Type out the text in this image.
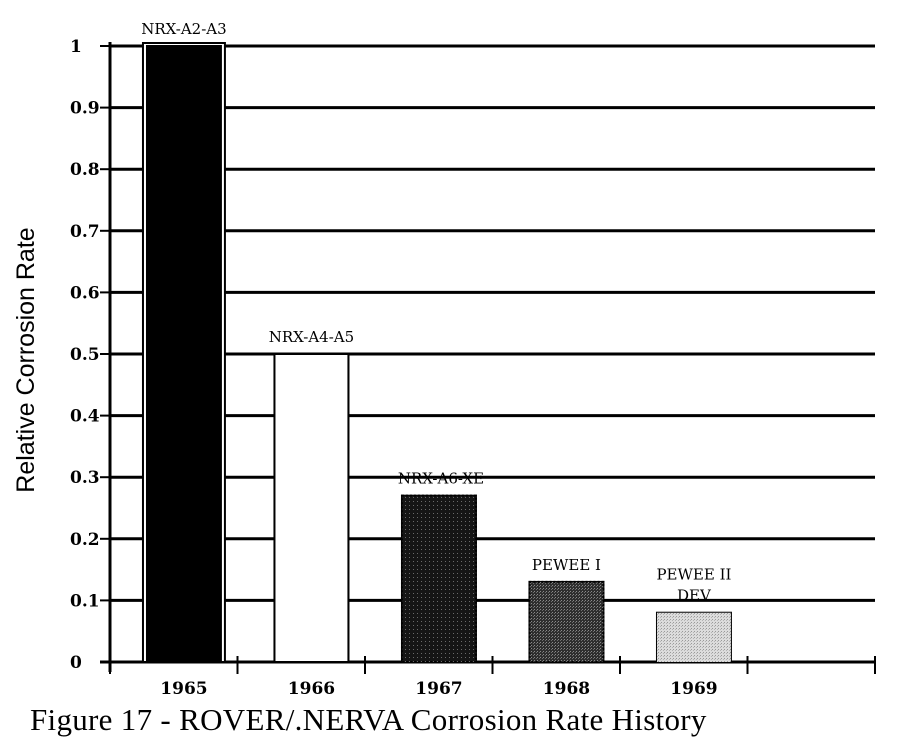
0
0.1
0.2
0.3
0.4
0.5
0.6
0.7
0.8
0.9
1
1965
NRX-A2-A3
1966
NRX-A4-A5
1967
NRX-A6-XE
1968
PEWEE I
1969
PEWEE II
DEV
Relative Corrosion Rate
Figure 17 - ROVER/.NERVA Corrosion Rate History
